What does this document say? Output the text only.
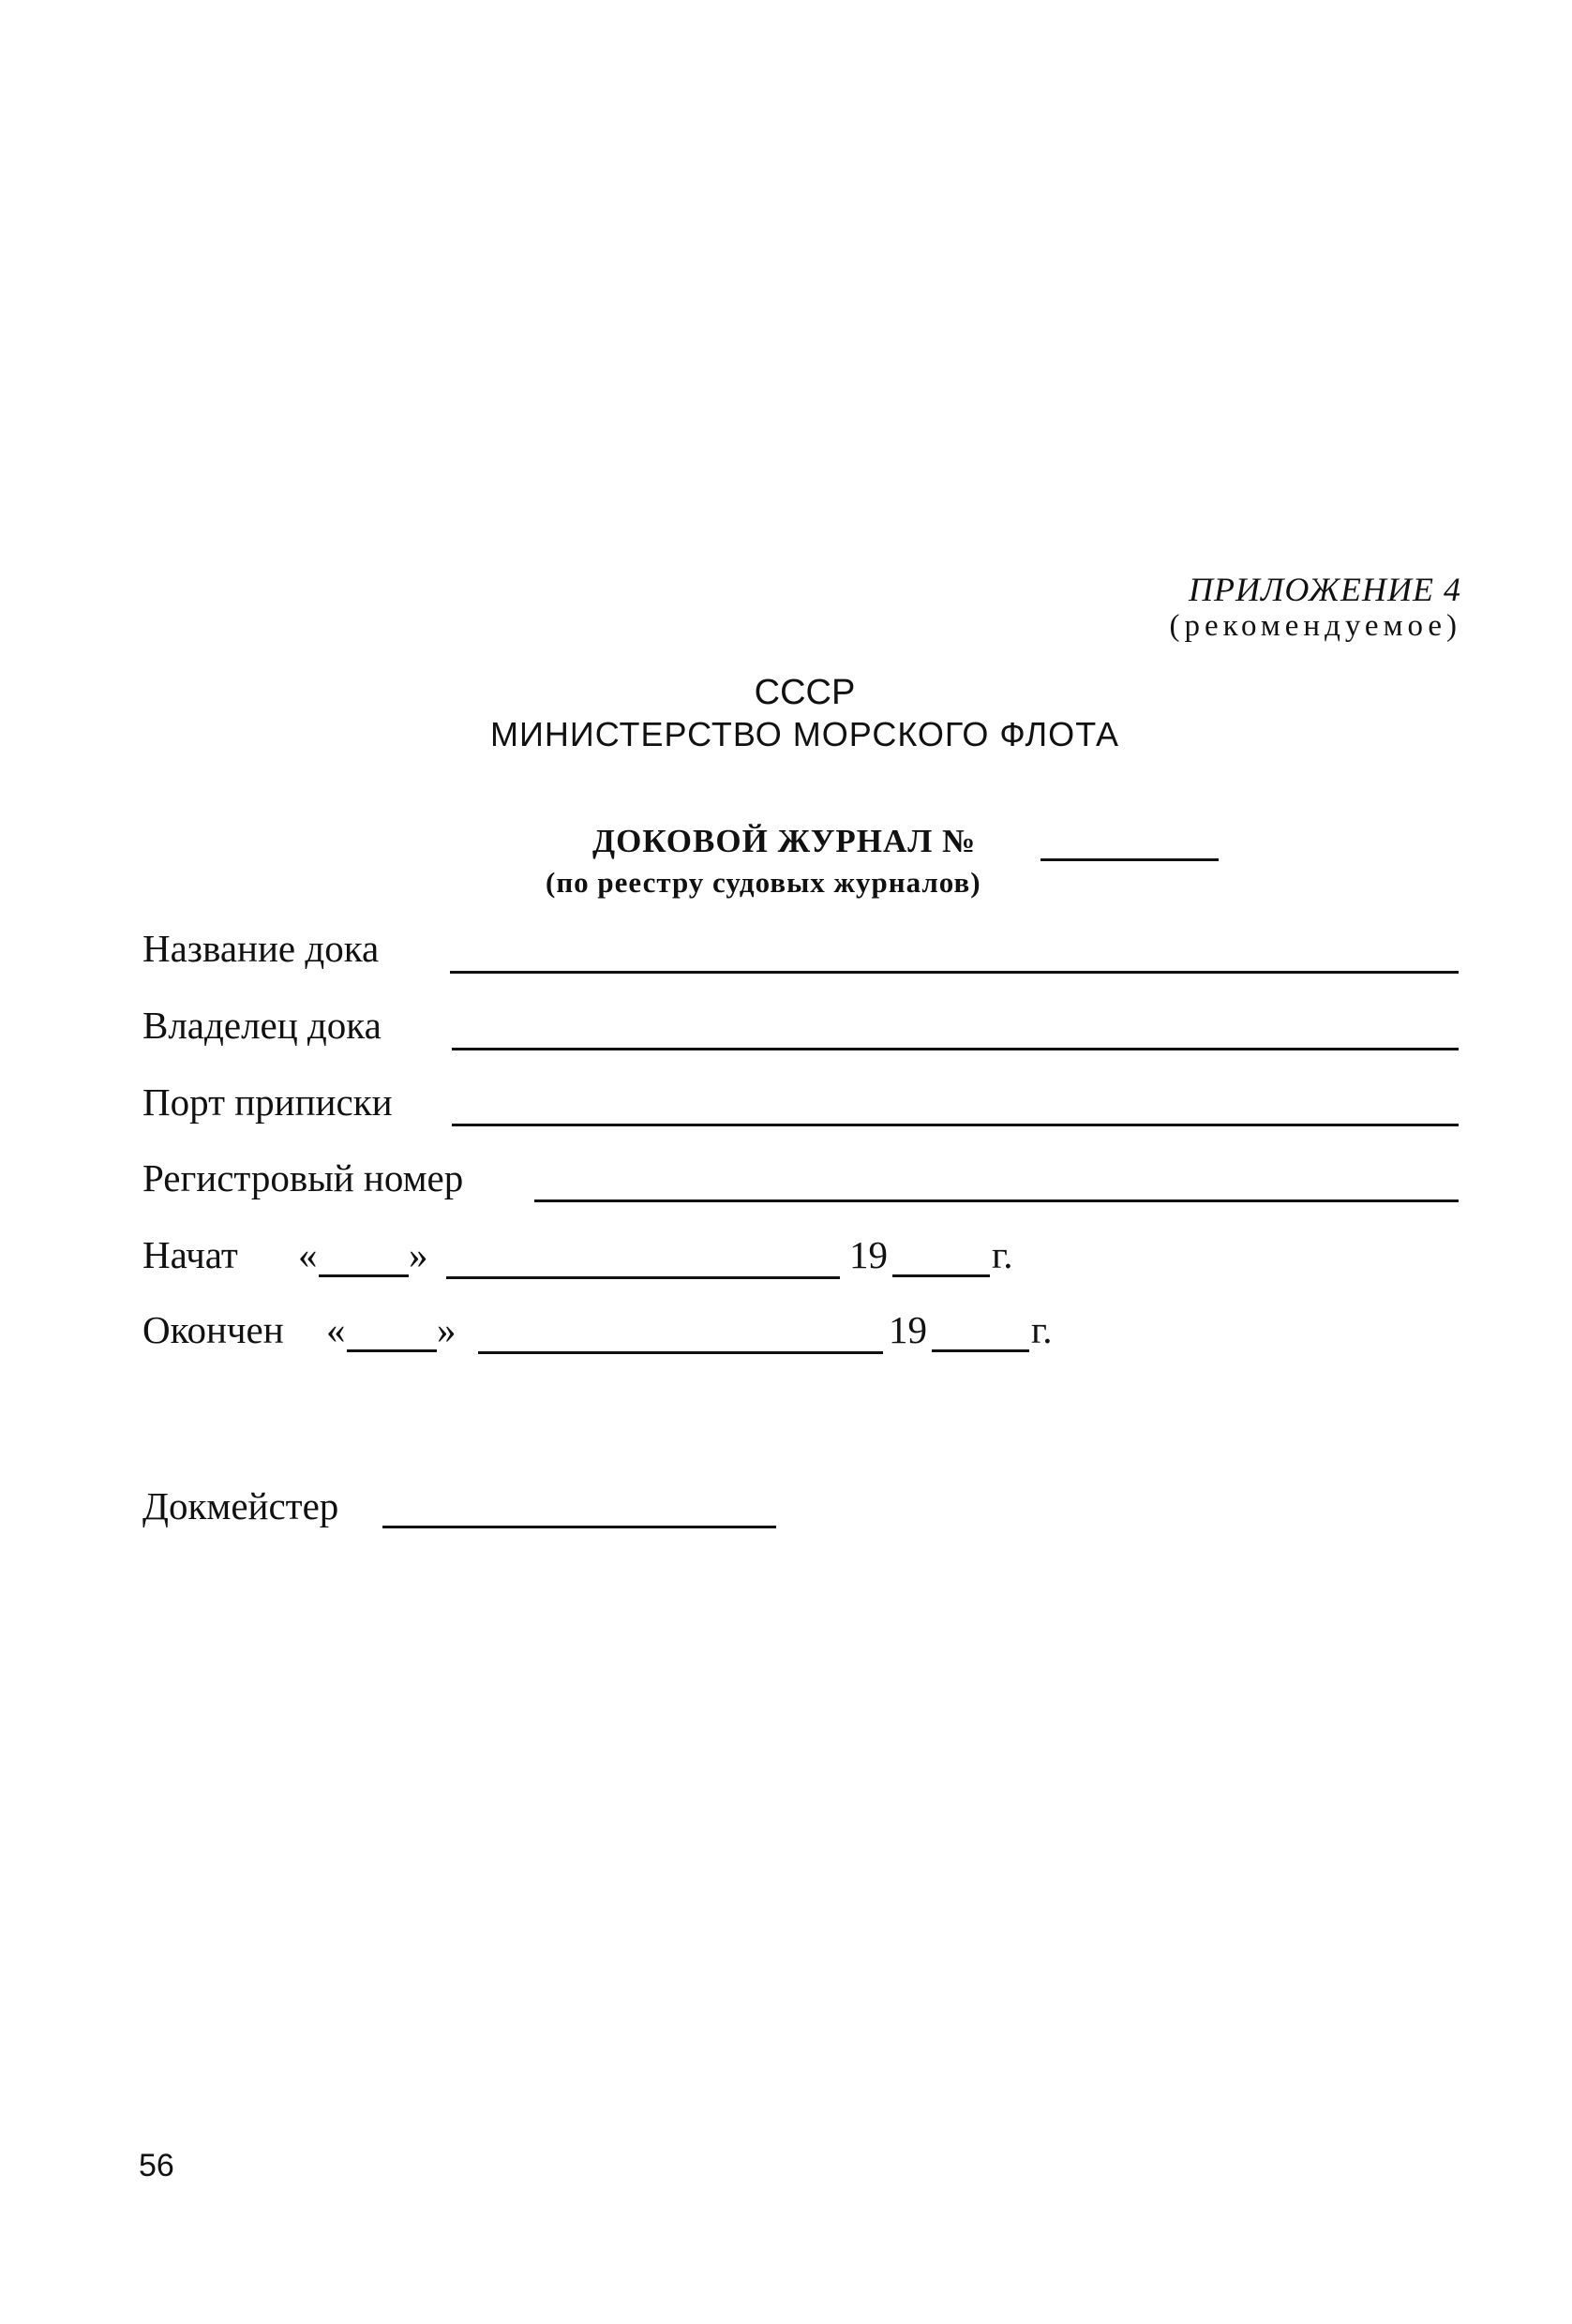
ПРИЛОЖЕНИЕ 4
(рекомендуемое)
СССР
МИНИСТЕРСТВО МОРСКОГО ФЛОТА
ДОКОВОЙ ЖУРНАЛ №
(по реестру судовых журналов)
Название дока
Владелец дока
Порт приписки
Регистровый номер
Начат « »	19	г.
Окончен « »	19	г.
Докмейстер
56
